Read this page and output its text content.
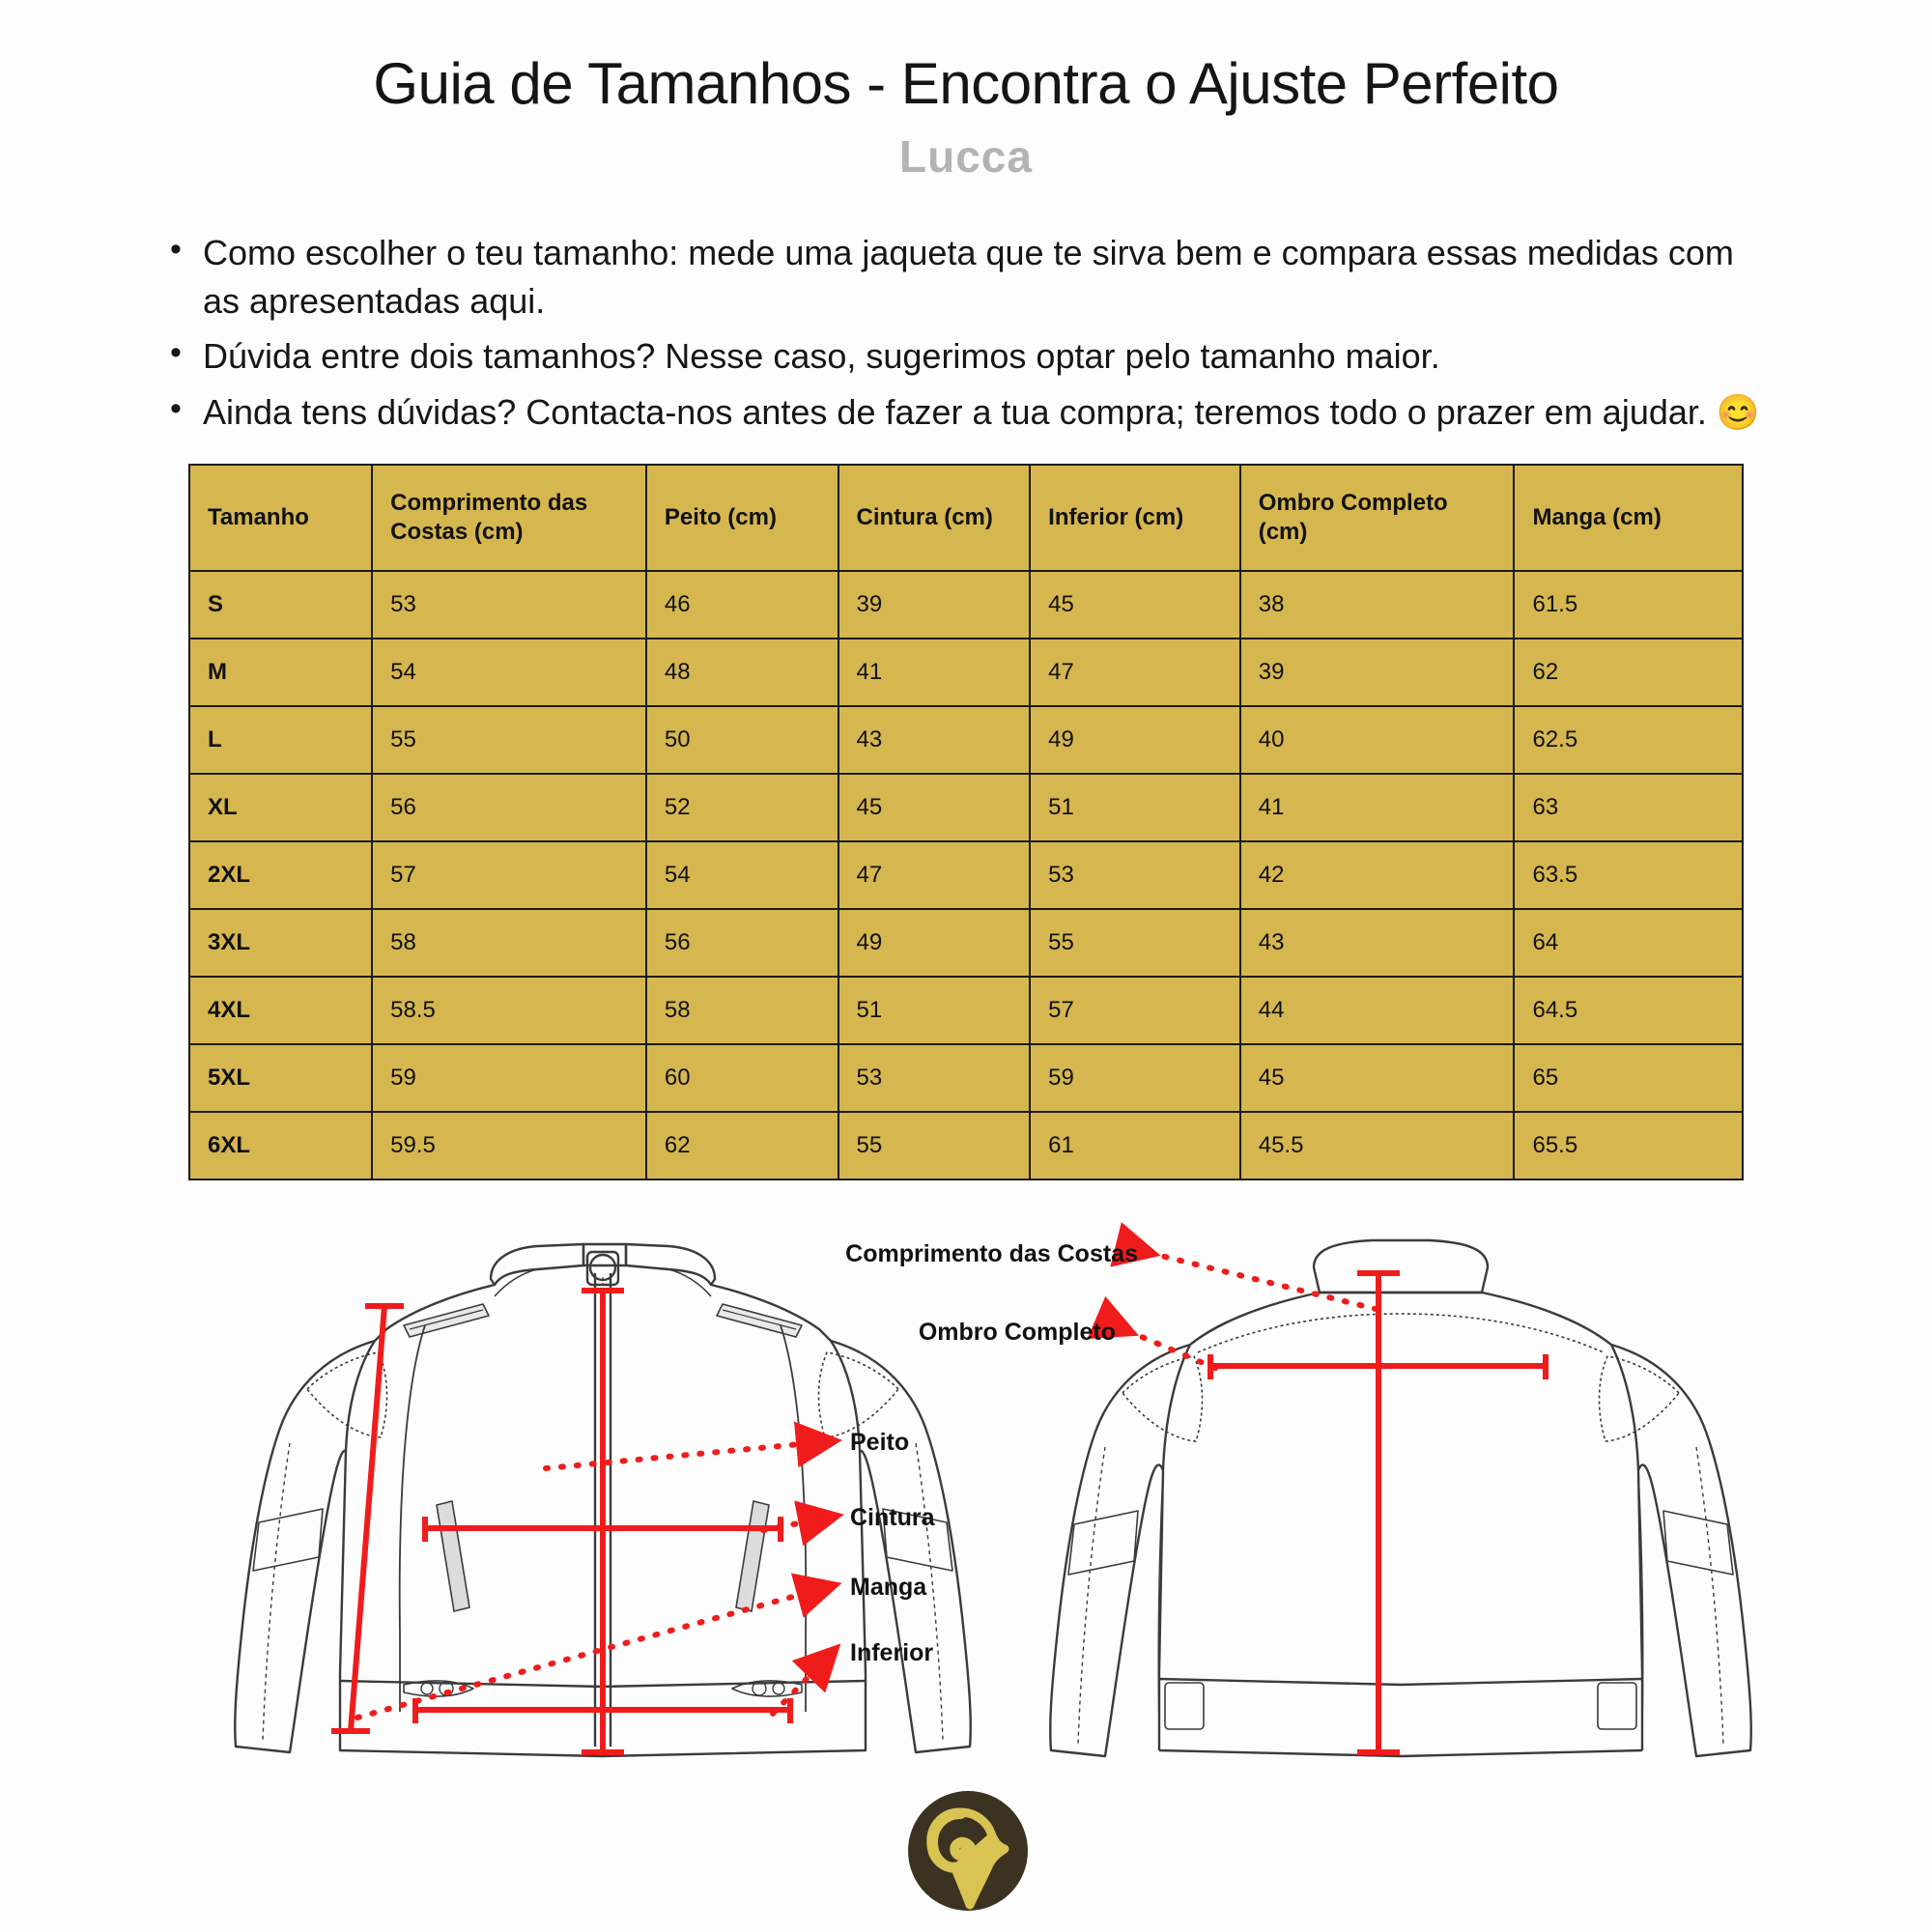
Guia de Tamanhos - Encontra o Ajuste Perfeito
Lucca
• Como escolher o teu tamanho: mede uma jaqueta que te sirva bem e compara essas medidas com as apresentadas aqui.
• Dúvida entre dois tamanhos? Nesse caso, sugerimos optar pelo tamanho maior.
• Ainda tens dúvidas? Contacta-nos antes de fazer a tua compra; teremos todo o prazer em ajudar. 😊
Tamanho	Comprimento das Costas (cm)	Peito (cm)	Cintura (cm)	Inferior (cm)	Ombro Completo (cm)	Manga (cm)
S	53	46	39	45	38	61.5
M	54	48	41	47	39	62
L	55	50	43	49	40	62.5
XL	56	52	45	51	41	63
2XL	57	54	47	53	42	63.5
3XL	58	56	49	55	43	64
4XL	58.5	58	51	57	44	64.5
5XL	59	60	53	59	45	65
6XL	59.5	62	55	61	45.5	65.5
Comprimento das Costas
Ombro Completo
Peito
Cintura
Manga
Inferior
